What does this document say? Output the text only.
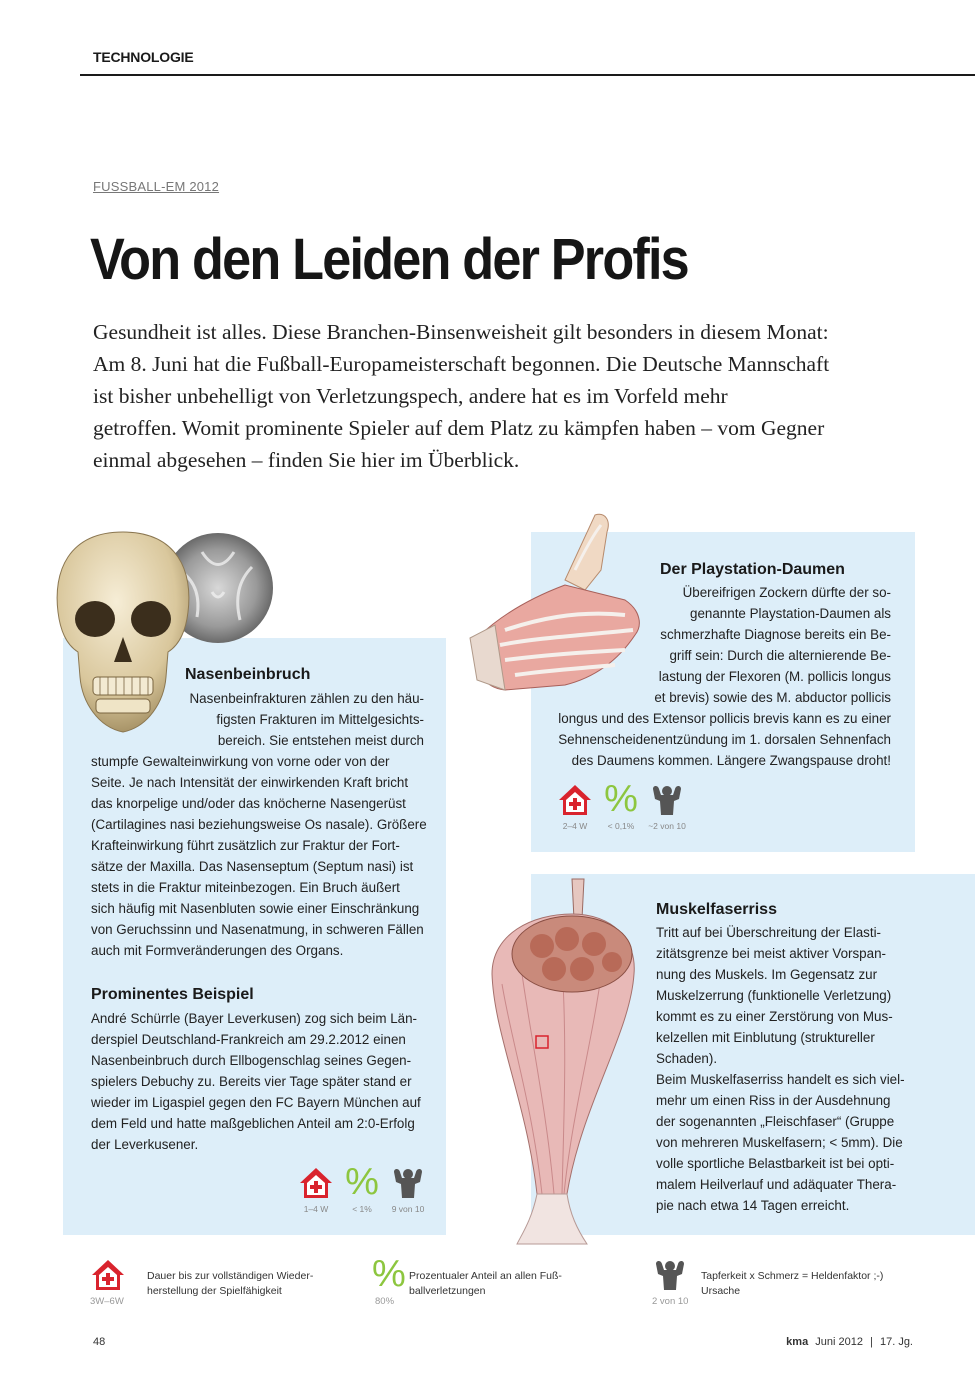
TECHNOLOGIE
FUSSBALL-EM 2012
Von den Leiden der Profis

Gesundheit ist alles. Diese Branchen-Binsenweisheit gilt besonders in diesem Monat:

Am 8. Juni hat die Fußball-Europameisterschaft begonnen. Die Deutsche Mannschaft

ist bisher unbehelligt von Verletzungspech, andere hat es im Vorfeld mehr

getroffen. Womit prominente Spieler auf dem Platz zu kämpfen haben – vom Gegner

einmal abgesehen – finden Sie hier im Überblick.

Nasenbeinbruch
Nasenbeinfrakturen zählen zu den häu-
figsten Frakturen im Mittelgesichts-
bereich. Sie entstehen meist durch
stumpfe Gewalteinwirkung von vorne oder von der
Seite. Je nach Intensität der einwirkenden Kraft bricht
das knorpelige und/oder das knöcherne Nasengerüst
(Cartilagines nasi beziehungsweise Os nasale). Größere
Krafteinwirkung führt zusätzlich zur Fraktur der Fort-
sätze der Maxilla. Das Nasenseptum (Septum nasi) ist
stets in die Fraktur miteinbezogen. Ein Bruch äußert
sich häufig mit Nasenbluten sowie einer Einschränkung
von Geruchssinn und Nasenatmung, in schweren Fällen
auch mit Formveränderungen des Organs.
Prominentes Beispiel
André Schürrle (Bayer Leverkusen) zog sich beim Län-
derspiel Deutschland-Frankreich am 29.2.2012 einen
Nasenbeinbruch durch Ellbogenschlag seines Gegen-
spielers Debuchy zu. Bereits vier Tage später stand er
wieder im Ligaspiel gegen den FC Bayern München auf
dem Feld und hatte maßgeblichen Anteil am 2:0-Erfolg
der Leverkusener.
1–4 W
%
< 1% 9 von 10
Der Playstation-Daumen
Übereifrigen Zockern dürfte der so-
genannte Playstation-Daumen als
schmerzhafte Diagnose bereits ein Be-
griff sein: Durch die alternierende Be-
lastung der Flexoren (M. pollicis longus
et brevis) sowie des M. abductor pollicis
longus und des Extensor pollicis brevis kann es zu einer
Sehnenscheidenentzündung im 1. dorsalen Sehnenfach
des Daumens kommen. Längere Zwangspause droht!
2–4 W
%
< 0,1% ~2 von 10
Muskelfaserriss
Tritt auf bei Überschreitung der Elasti-
zitätsgrenze bei meist aktiver Vorspan-
nung des Muskels. Im Gegensatz zur
Muskelzerrung (funktionelle Verletzung)
kommt es zu einer Zerstörung von Mus-
kelzellen mit Einblutung (struktureller
Schaden).
Beim Muskelfaserriss handelt es sich viel-
mehr um einen Riss in der Ausdehnung
der sogenannten „Fleischfaser“ (Gruppe
von mehreren Muskelfasern; < 5mm). Die
volle sportliche Belastbarkeit ist bei opti-
malem Heilverlauf und adäquater Thera-
pie nach etwa 14 Tagen erreicht.
3W–6W
Dauer bis zur vollständigen Wieder-
herstellung der Spielfähigkeit	%
80%
Prozentualer Anteil an allen Fuß-
ballverletzungen
2 von 10
Tapferkeit x Schmerz = Heldenfaktor ;-)
Ursache
48	kma Juni 2012 | 17. Jg.
